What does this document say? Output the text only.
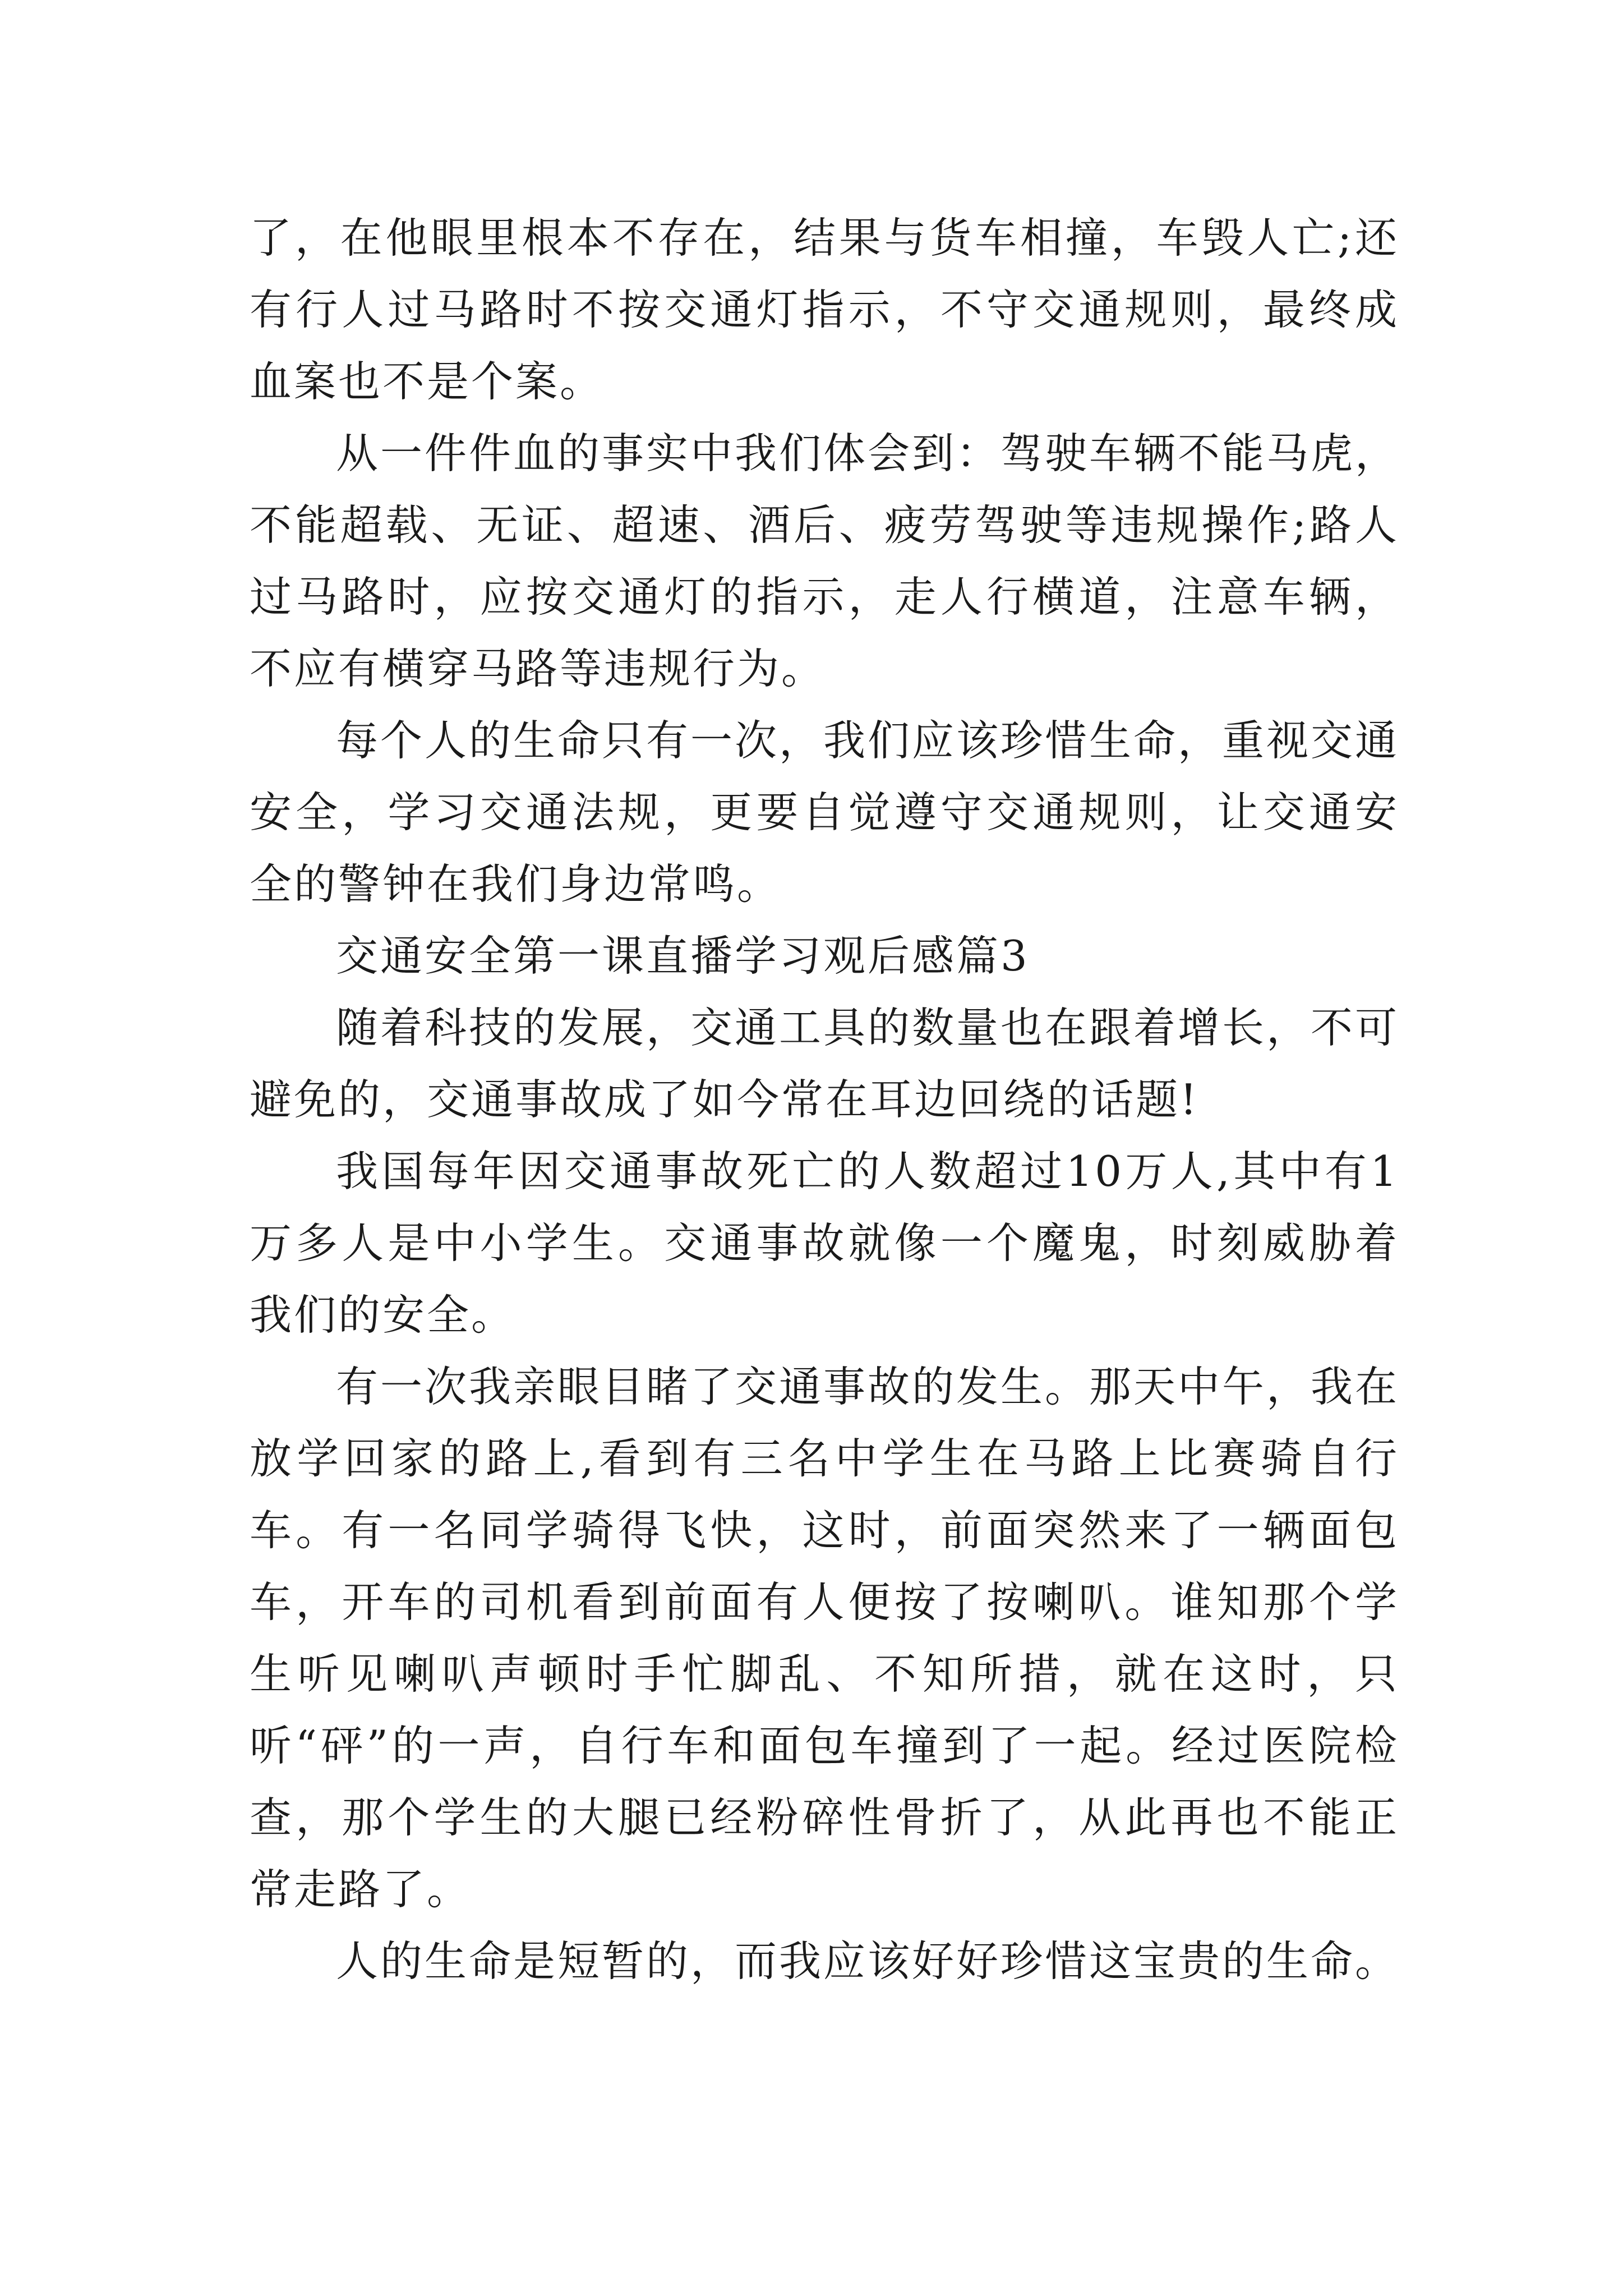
了，在他眼里根本不存在，结果与货车相撞，车毁人亡;还有行人过马路时不按交通灯指示，不守交通规则，最终成血案也不是个案。

从一件件血的事实中我们体会到：驾驶车辆不能马虎，不能超载、无证、超速、酒后、疲劳驾驶等违规操作;路人过马路时，应按交通灯的指示，走人行横道，注意车辆，不应有横穿马路等违规行为。

每个人的生命只有一次，我们应该珍惜生命，重视交通安全，学习交通法规，更要自觉遵守交通规则，让交通安全的警钟在我们身边常鸣。

交通安全第一课直播学习观后感篇3

随着科技的发展，交通工具的数量也在跟着增长，不可避免的，交通事故成了如今常在耳边回绕的话题!

我国每年因交通事故死亡的人数超过10万人,其中有1万多人是中小学生。交通事故就像一个魔鬼，时刻威胁着我们的安全。

有一次我亲眼目睹了交通事故的发生。那天中午，我在放学回家的路上,看到有三名中学生在马路上比赛骑自行车。有一名同学骑得飞快，这时，前面突然来了一辆面包车，开车的司机看到前面有人便按了按喇叭。谁知那个学生听见喇叭声顿时手忙脚乱、不知所措，就在这时，只听“砰”的一声，自行车和面包车撞到了一起。经过医院检查，那个学生的大腿已经粉碎性骨折了，从此再也不能正常走路了。

人的生命是短暂的，而我应该好好珍惜这宝贵的生命。
